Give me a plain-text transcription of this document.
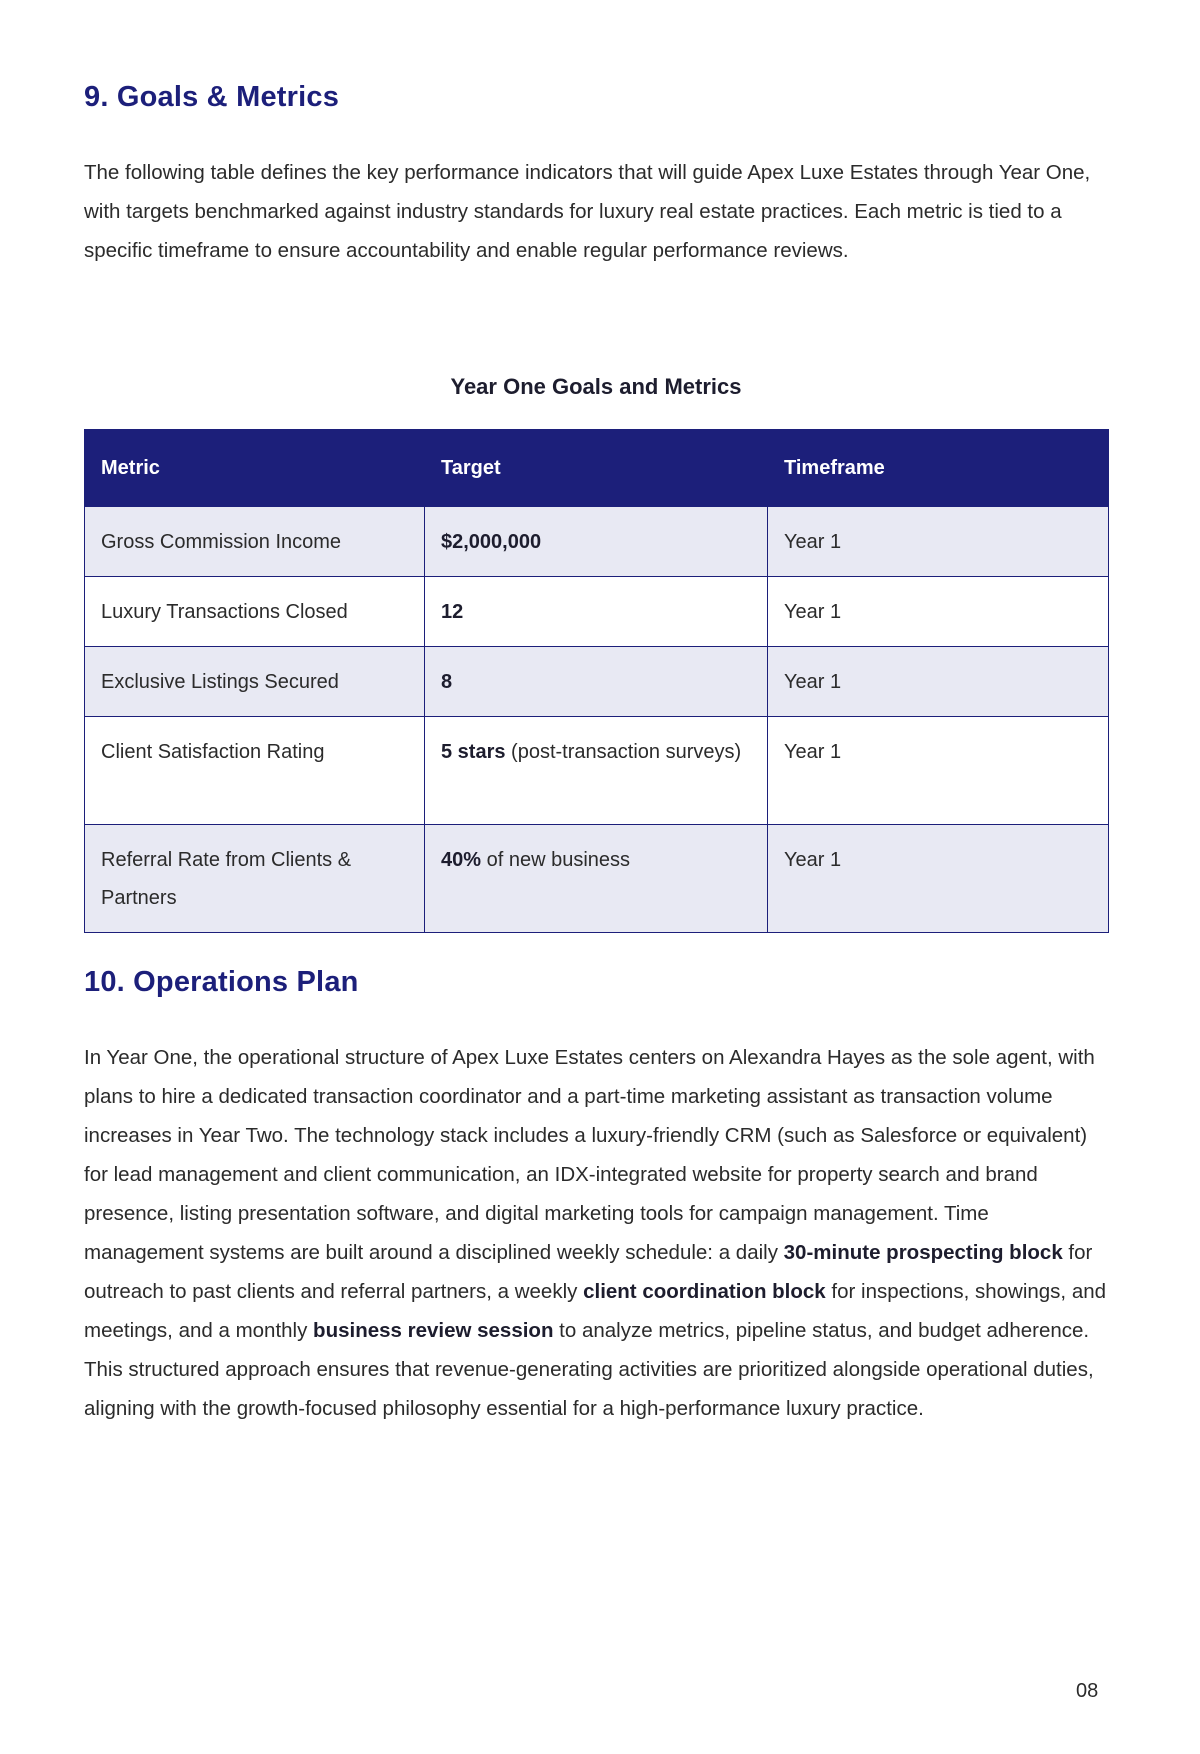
9. Goals & Metrics

The following table defines the key performance indicators that will guide Apex Luxe Estates through Year One, with targets benchmarked against industry standards for luxury real estate practices. Each metric is tied to a specific timeframe to ensure accountability and enable regular performance reviews.

Year One Goals and Metrics
Metric	Target	Timeframe
Gross Commission Income	$2,000,000	Year 1
Luxury Transactions Closed	12	Year 1
Exclusive Listings Secured	8	Year 1
Client Satisfaction Rating	5 stars (post-transaction surveys)	Year 1
Referral Rate from Clients & Partners	40% of new business	Year 1
10. Operations Plan

In Year One, the operational structure of Apex Luxe Estates centers on Alexandra Hayes as the sole agent, with plans to hire a dedicated transaction coordinator and a part-time marketing assistant as transaction volume increases in Year Two. The technology stack includes a luxury-friendly CRM (such as Salesforce or equivalent) for lead management and client communication, an IDX-integrated website for property search and brand presence, listing presentation software, and digital marketing tools for campaign management. Time management systems are built around a disciplined weekly schedule: a daily 30-minute prospecting block for outreach to past clients and referral partners, a weekly client coordination block for inspections, showings, and meetings, and a monthly business review session to analyze metrics, pipeline status, and budget adherence. This structured approach ensures that revenue-generating activities are prioritized alongside operational duties, aligning with the growth-focused philosophy essential for a high-performance luxury practice.

08
